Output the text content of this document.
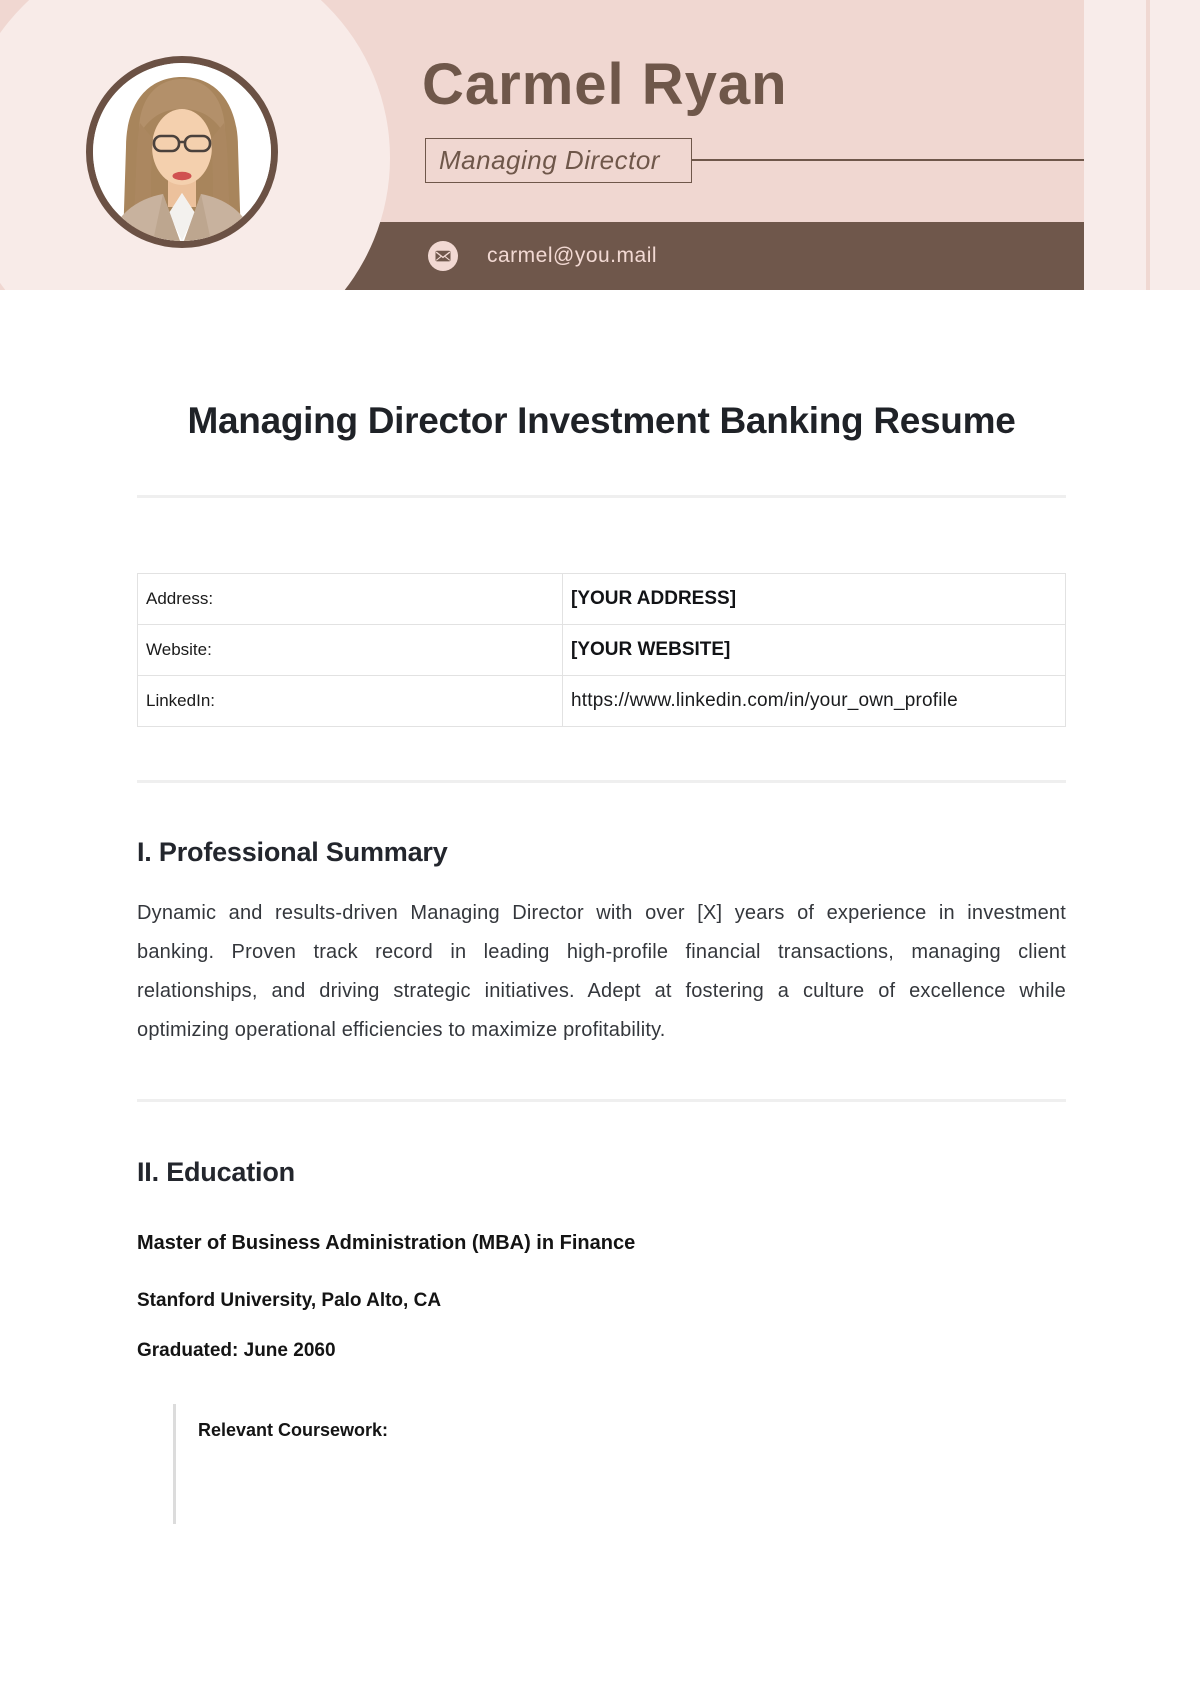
Carmel Ryan
Managing Director
carmel@you.mail
Managing Director Investment Banking Resume
Address:	[YOUR ADDRESS]
Website:	[YOUR WEBSITE]
LinkedIn:	https://www.linkedin.com/in/your_own_profile
I. Professional Summary

Dynamic and results-driven Managing Director with over [X] years of experience in investment banking. Proven track record in leading high-profile financial transactions, managing client relationships, and driving strategic initiatives. Adept at fostering a culture of excellence while optimizing operational efficiencies to maximize profitability.

II. Education
Master of Business Administration (MBA) in Finance
Stanford University, Palo Alto, CA
Graduated: June 2060
Relevant Coursework:
